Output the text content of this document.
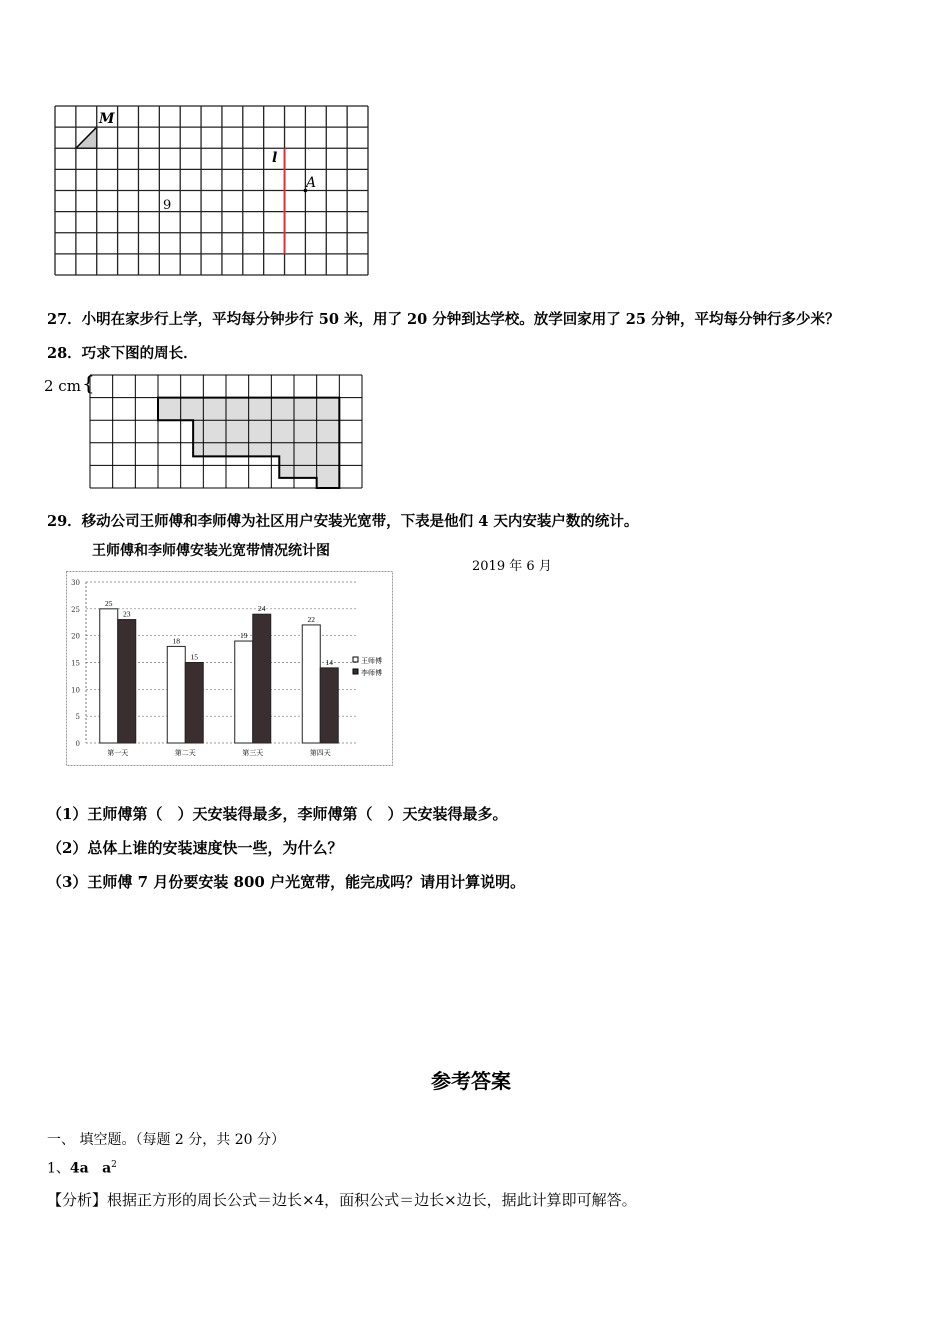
M
l
A
9
27．小明在家步行上学，平均每分钟步行 50 米，用了 20 分钟到达学校。放学回家用了 25 分钟，平均每分钟行多少米？
28．巧求下图的周长．
2 cm {
29．移动公司王师傅和李师傅为社区用户安装光宽带，下表是他们 4 天内安装户数的统计。
王师傅和李师傅安装光宽带情况统计图
2019 年 6 月
0
5
10
15
20
25
30
25
23
第一天
18
15
第二天
19
24
第三天
22
14
第四天
王师傅
李师傅
（1）王师傅第（　）天安装得最多，李师傅第（　）天安装得最多。
（2）总体上谁的安装速度快一些，为什么？
（3）王师傅 7 月份要安装 800 户光宽带，能完成吗？请用计算说明。
参考答案
一、 填空题。（每题 2 分，共 20 分）
1、4a $a^2$
【分析】根据正方形的周长公式＝边长×4，面积公式＝边长×边长，据此计算即可解答。
